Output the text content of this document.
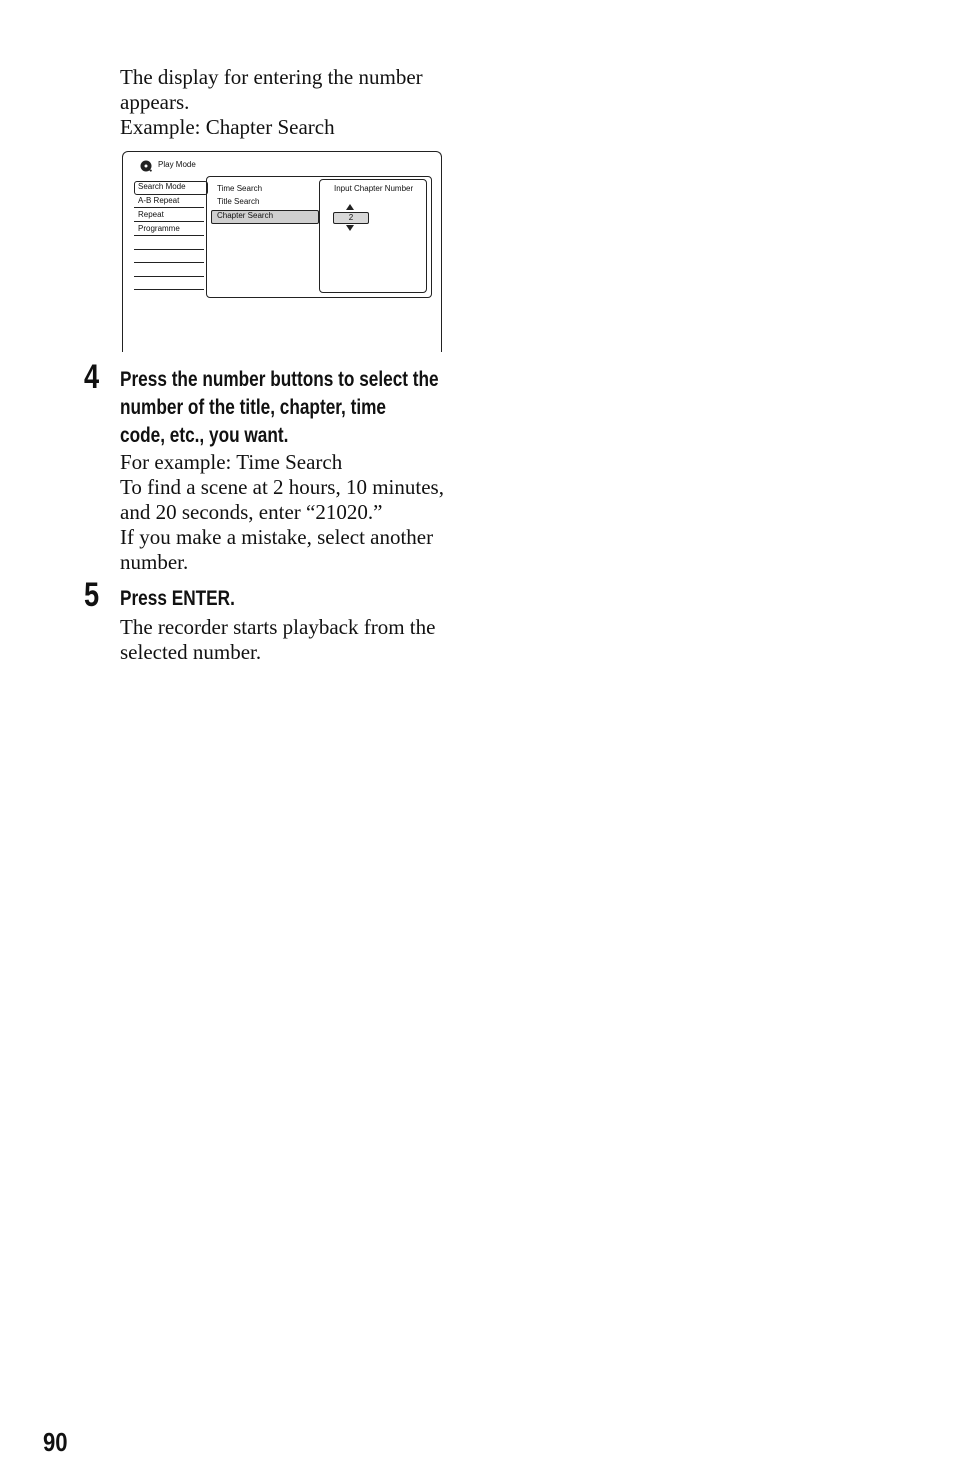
The display for entering the number
appears.
Example: Chapter Search
Play Mode
Search Mode
A-B Repeat
Repeat
Programme
Time Search
Title Search
Chapter Search
Input Chapter Number
2
4 Press the number buttons to select the
number of the title, chapter, time
code, etc., you want.
For example: Time Search
To find a scene at 2 hours, 10 minutes,
and 20 seconds, enter “21020.”
If you make a mistake, select another
number.
5 Press ENTER.
The recorder starts playback from the
selected number.
90
